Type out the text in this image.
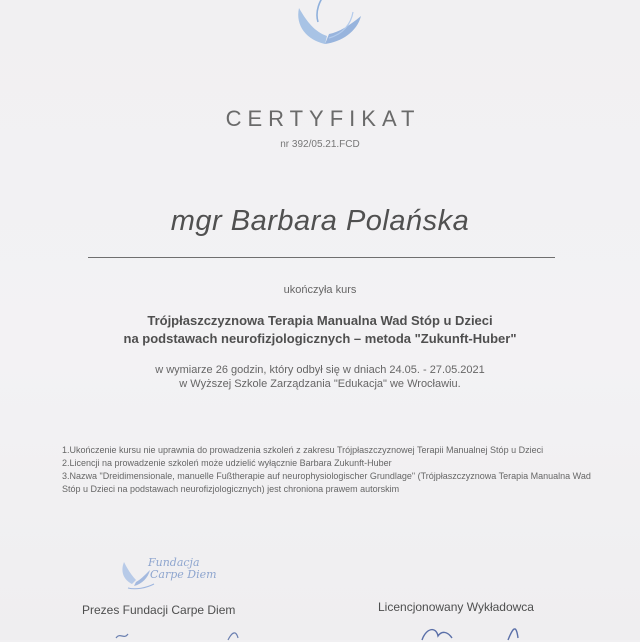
CERTYFIKAT
nr 392/05.21.FCD
mgr Barbara Polańska
ukończyła kurs
Trójpłaszczyznowa Terapia Manualna Wad Stóp u Dzieci
na podstawach neurofizjologicznych – metoda "Zukunft-Huber"
w wymiarze 26 godzin, który odbył się w dniach 24.05. - 27.05.2021
w Wyższej Szkole Zarządzania "Edukacja" we Wrocławiu.
1.Ukończenie kursu nie uprawnia do prowadzenia szkoleń z zakresu Trójpłaszczyznowej Terapii Manualnej Stóp u Dzieci
2.Licencji na prowadzenie szkoleń może udzielić wyłącznie Barbara Zukunft-Huber
3.Nazwa "Dreidimensionale, manuelle Fußtherapie auf neurophysiologischer Grundlage" (Trójpłaszczyznowa Terapia Manualna Wad Stóp u Dzieci na podstawach neurofizjologicznych) jest chroniona prawem autorskim
Fundacja
Carpe Diem
Prezes Fundacji Carpe Diem	Licencjonowany Wykładowca
